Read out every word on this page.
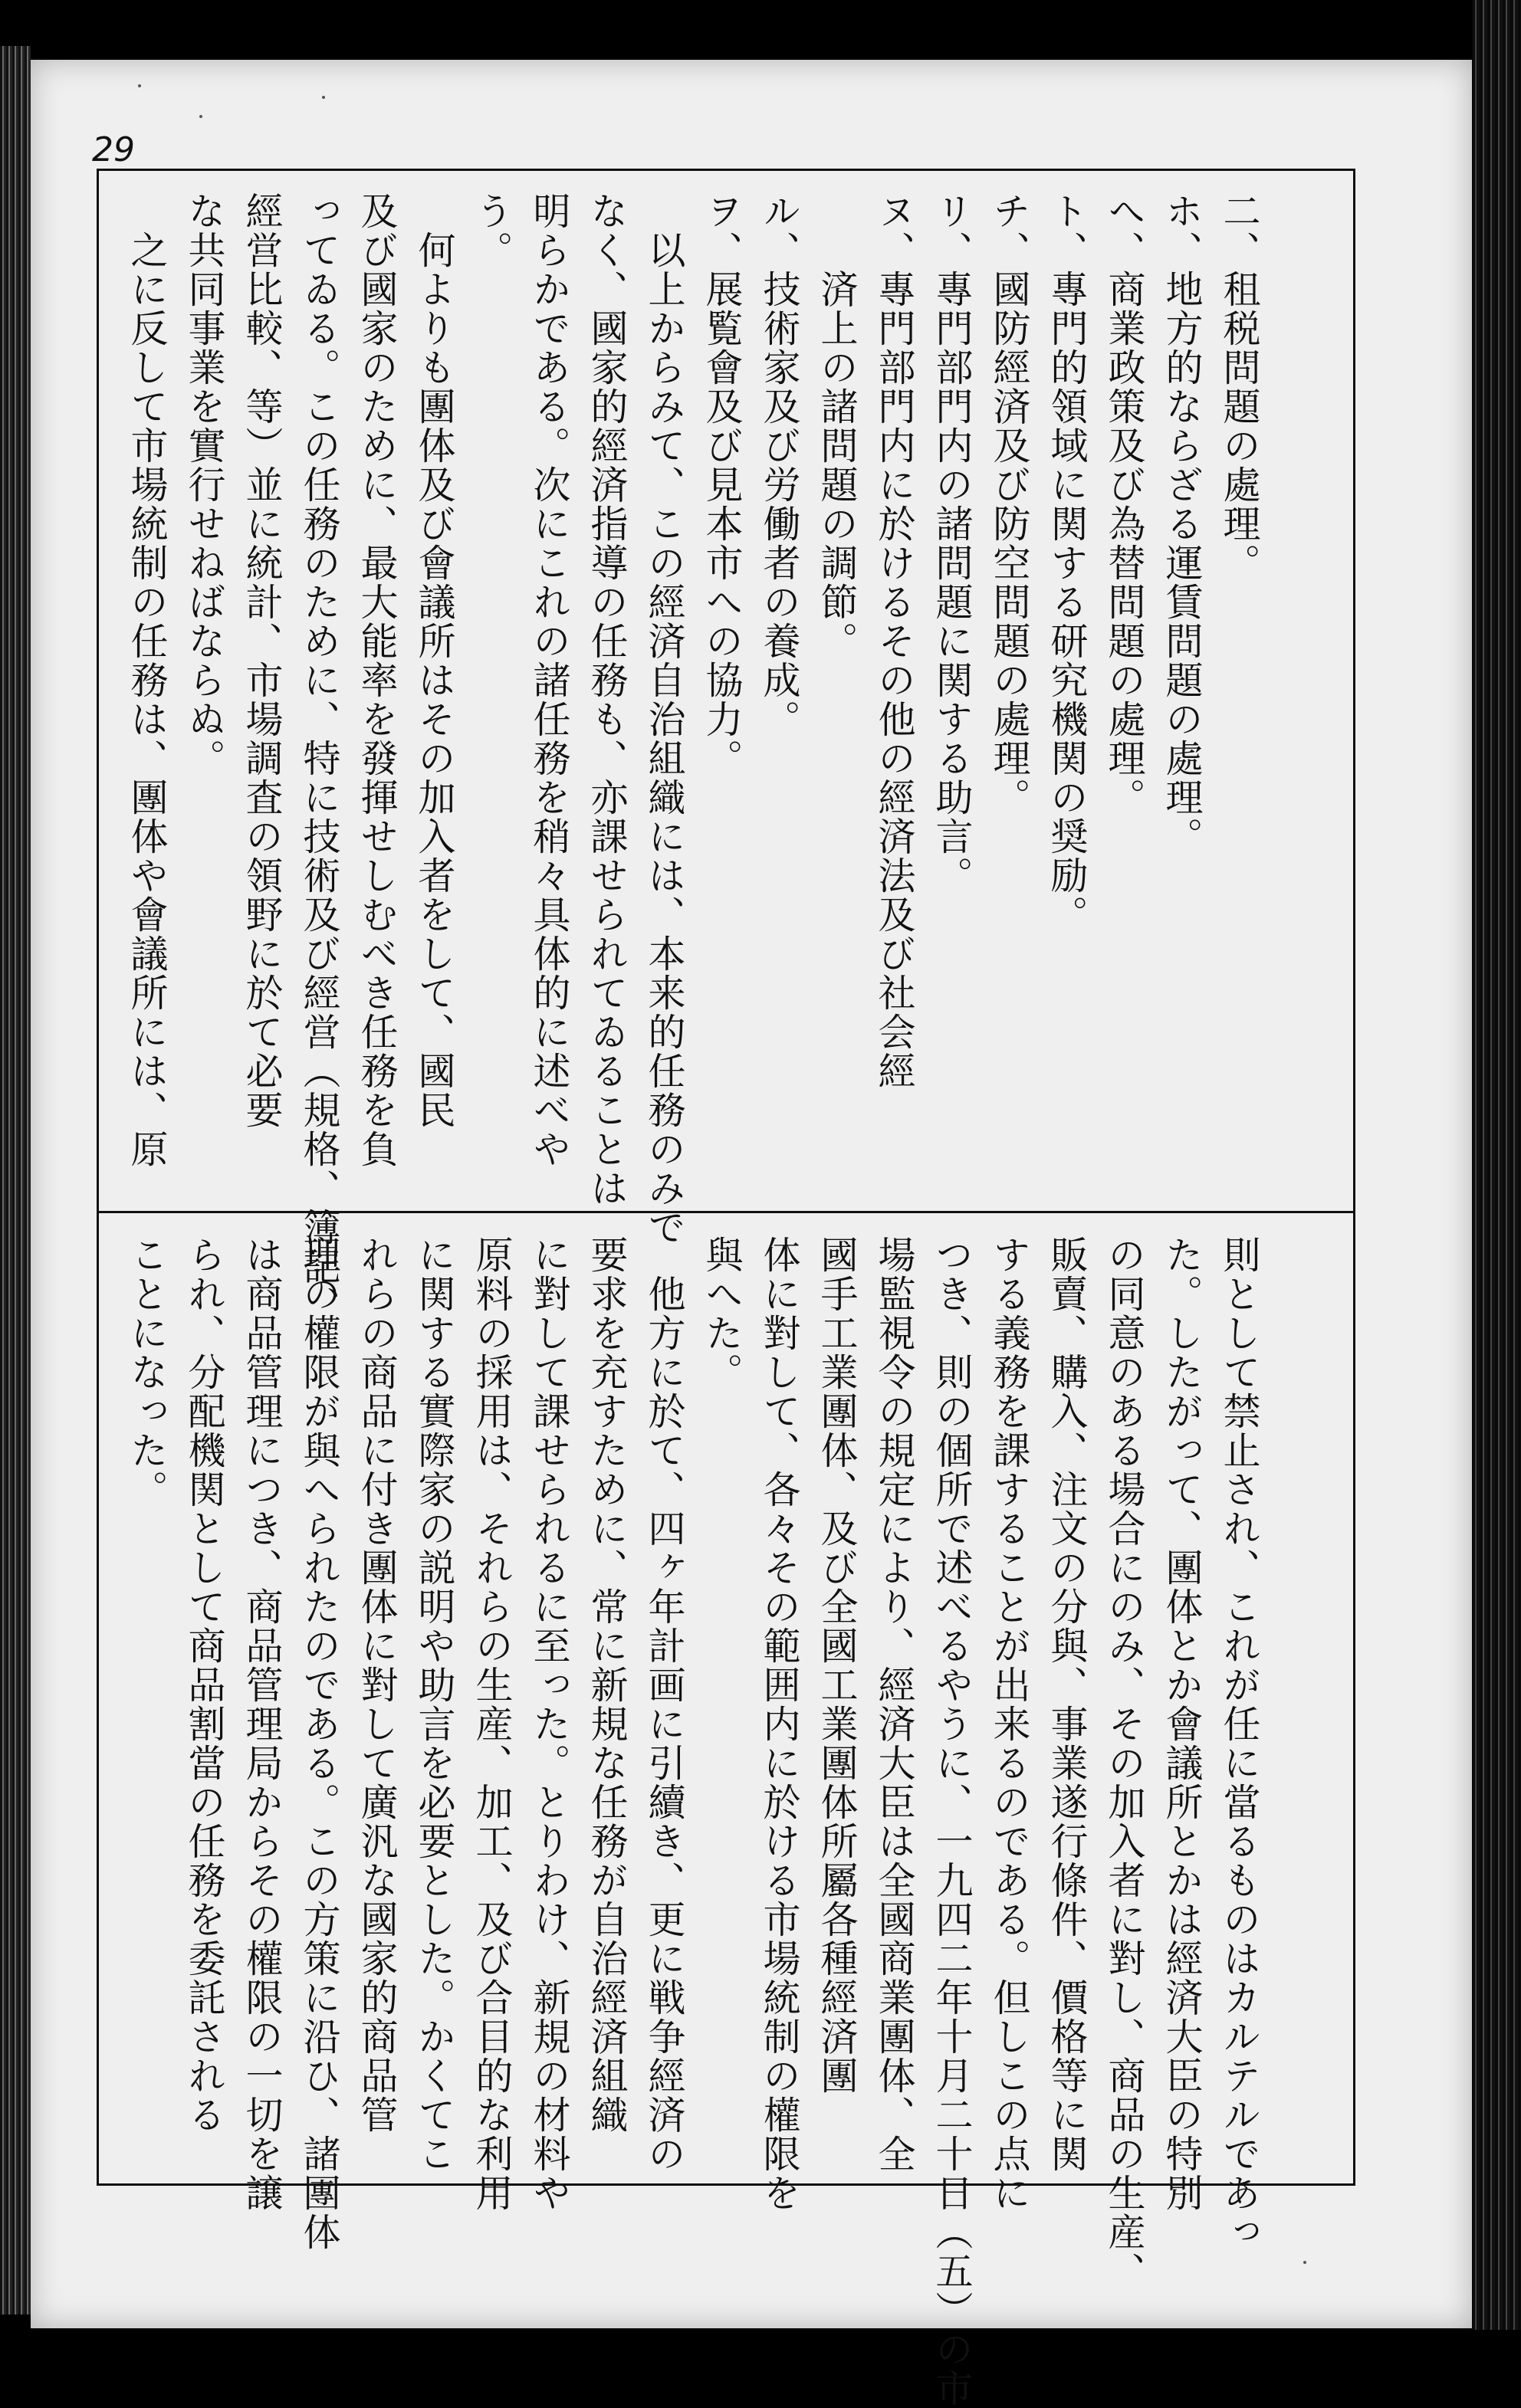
29
二、租税問題の處理。
ホ、地方的ならざる運賃問題の處理。
へ、商業政策及び為替問題の處理。
ト、專門的領域に関する研究機関の奨励。
チ、國防經済及び防空問題の處理。
リ、專門部門内の諸問題に関する助言。
ヌ、專門部門内に於けるその他の經済法及び社会經
　　済上の諸問題の調節。
ル、技術家及び労働者の養成。
ヲ、展覧會及び見本市への協力。
　以上からみて、この經済自治組織には、本来的任務のみで
なく、國家的經済指導の任務も、亦課せられてゐることは
明らかである。次にこれの諸任務を稍々具体的に述べや
う。
　何よりも團体及び會議所はその加入者をして、國民
及び國家のために、最大能率を發揮せしむべき任務を負
ってゐる。この任務のために、特に技術及び經営（規格、簿記、
經営比較、等）並に統計、市場調査の領野に於て必要
な共同事業を實行せねばならぬ。
　之に反して市場統制の任務は、團体や會議所には、原
則として禁止され、これが任に當るものはカルテルであっ
た。したがって、團体とか會議所とかは經済大臣の特別
の同意のある場合にのみ、その加入者に對し、商品の生産、
販賣、購入、注文の分與、事業遂行條件、價格等に関
する義務を課することが出来るのである。但しこの点に
つき、則の個所で述べるやうに、一九四二年十月二十日（五）の市
場監視令の規定により、經済大臣は全國商業團体、全
國手工業團体、及び全國工業團体所屬各種經済團
体に對して、各々その範囲内に於ける市場統制の權限を
與へた。
　他方に於て、四ヶ年計画に引續き、更に戦争經済の
要求を充すために、常に新規な任務が自治經済組織
に對して課せられるに至った。とりわけ、新規の材料や
原料の採用は、それらの生産、加工、及び合目的な利用
に関する實際家の説明や助言を必要とした。かくてこ
れらの商品に付き團体に對して廣汎な國家的商品管
理の權限が與へられたのである。この方策に沿ひ、諸團体
は商品管理につき、商品管理局からその權限の一切を譲
られ、分配機関として商品割當の任務を委託される
ことになった。
